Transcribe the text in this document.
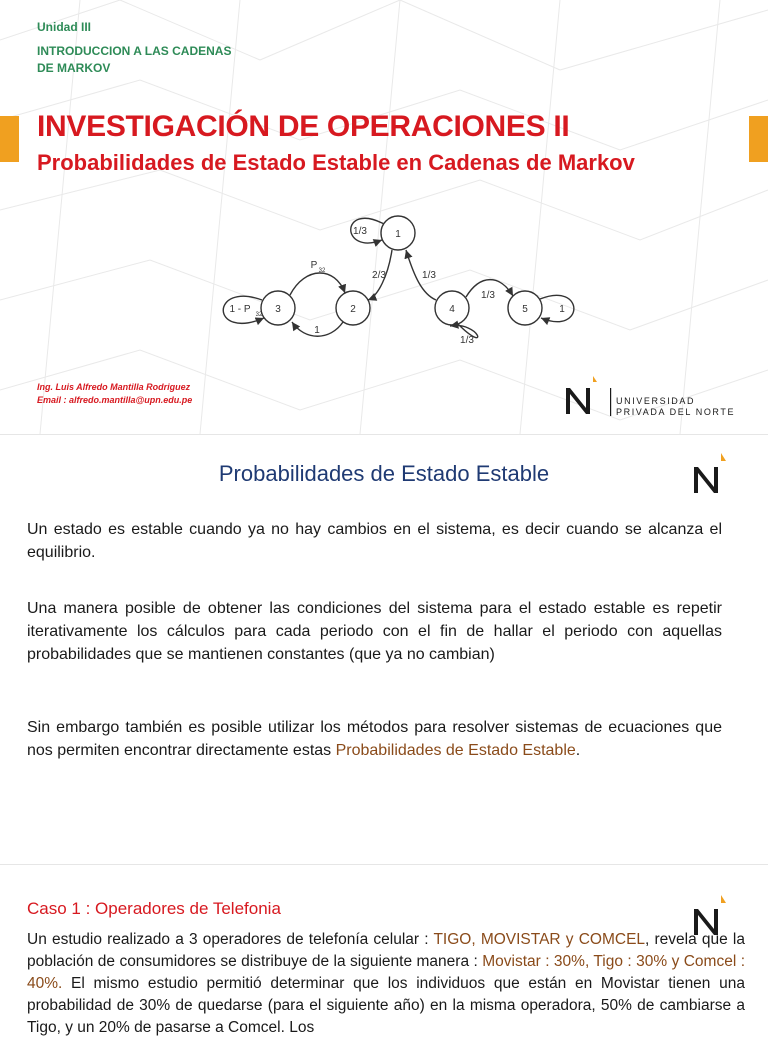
Unidad III
INTRODUCCION A LAS CADENAS DE MARKOV
INVESTIGACIÓN DE OPERACIONES II
Probabilidades de Estado Estable en Cadenas de Markov
1
3	2	4	5	1
1/3
2/3	1/3
P 32
1
1 - P 32
1/3
1/3
Ing. Luis Alfredo Mantilla Rodriguez
Email : alfredo.mantilla@upn.edu.pe	UNIVERSIDAD
PRIVADA DEL NORTE
Probabilidades de Estado Estable

Un estado es estable cuando ya no hay cambios en el sistema, es decir cuando se alcanza el equilibrio.

Una manera posible de obtener las condiciones del sistema para el estado estable es repetir iterativamente los cálculos para cada periodo con el fin de hallar el periodo con aquellas probabilidades que se mantienen constantes (que ya no cambian)

Sin embargo también es posible utilizar los métodos para resolver sistemas de ecuaciones que nos permiten encontrar directamente estas Probabilidades de Estado Estable.

Caso 1 : Operadores de Telefonia

Un estudio realizado a 3 operadores de telefonía celular : TIGO, MOVISTAR y COMCEL, revela que la población de consumidores se distribuye de la siguiente manera : Movistar : 30%, Tigo : 30% y Comcel : 40%. El mismo estudio permitió determinar que los individuos que están en Movistar tienen una probabilidad de 30% de quedarse (para el siguiente año) en la misma operadora, 50% de cambiarse a Tigo, y un 20% de pasarse a Comcel. Los
